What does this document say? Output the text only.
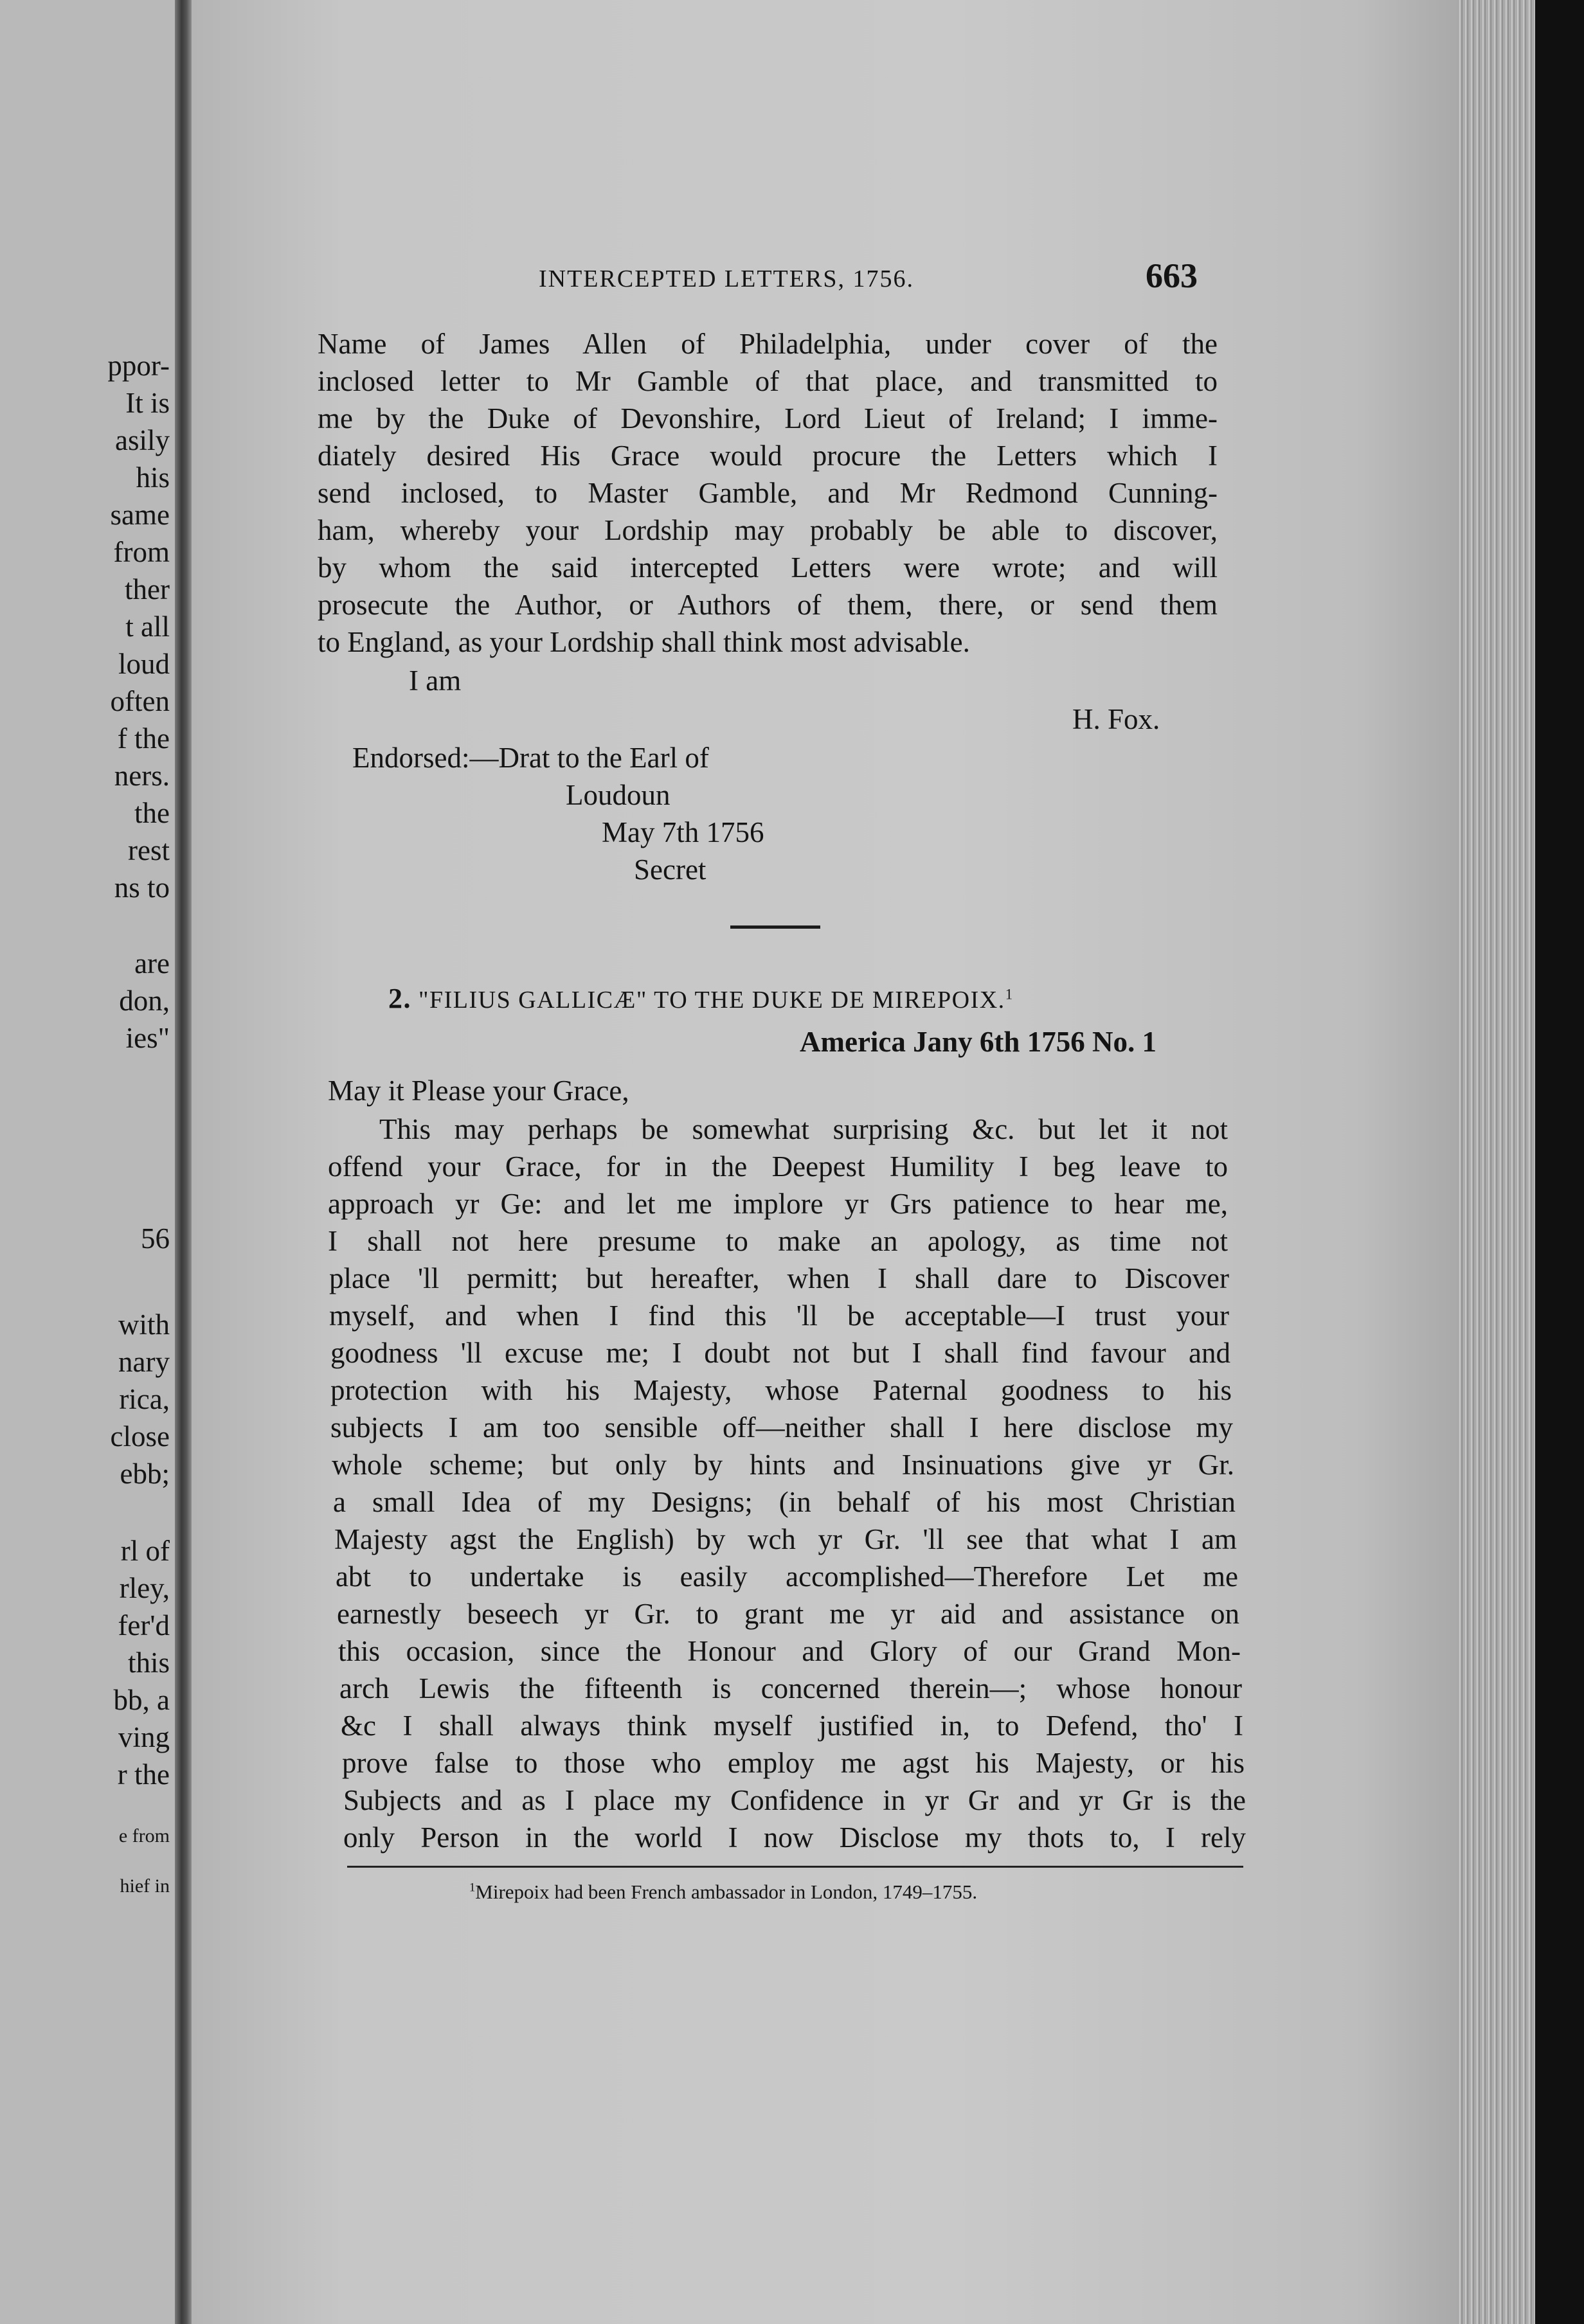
ppor-
It is
asily
his
same
from
ther
t all
loud
often
f the
ners.
the
rest
ns to
are
don,
ies"
56
with
nary
rica,
close
ebb;
rl of
rley,
fer'd
this
bb, a
ving
r the
e from
hief in
INTERCEPTED LETTERS, 1756.	663
Name of James Allen of Philadelphia, under cover of the
inclosed letter to Mr Gamble of that place, and transmitted to
me by the Duke of Devonshire, Lord Lieut of Ireland; I imme-
diately desired His Grace would procure the Letters which I
send inclosed, to Master Gamble, and Mr Redmond Cunning-
ham, whereby your Lordship may probably be able to discover,
by whom the said intercepted Letters were wrote; and will
prosecute the Author, or Authors of them, there, or send them
to England, as your Lordship shall think most advisable.
I am
H. Fox.
Endorsed:—Drat to the Earl of
Loudoun
May 7th 1756
Secret
2. "FILIUS GALLICÆ" TO THE DUKE DE MIREPOIX.$^1$
America Jany 6th 1756 No. 1
May it Please your Grace,
This may perhaps be somewhat surprising &c. but let it not
offend your Grace, for in the Deepest Humility I beg leave to
approach yr Ge: and let me implore yr Grs patience to hear me,
I shall not here presume to make an apology, as time not
place 'll permitt; but hereafter, when I shall dare to Discover
myself, and when I find this 'll be acceptable—I trust your
goodness 'll excuse me; I doubt not but I shall find favour and
protection with his Majesty, whose Paternal goodness to his
subjects I am too sensible off—neither shall I here disclose my
whole scheme; but only by hints and Insinuations give yr Gr.
a small Idea of my Designs; (in behalf of his most Christian
Majesty agst the English) by wch yr Gr. 'll see that what I am
abt to undertake is easily accomplished—Therefore Let me
earnestly beseech yr Gr. to grant me yr aid and assistance on
this occasion, since the Honour and Glory of our Grand Mon-
arch Lewis the fifteenth is concerned therein—; whose honour
&c I shall always think myself justified in, to Defend, tho' I
prove false to those who employ me agst his Majesty, or his
Subjects and as I place my Confidence in yr Gr and yr Gr is the
only Person in the world I now Disclose my thots to, I rely
$^1$Mirepoix had been French ambassador in London, 1749–1755.
